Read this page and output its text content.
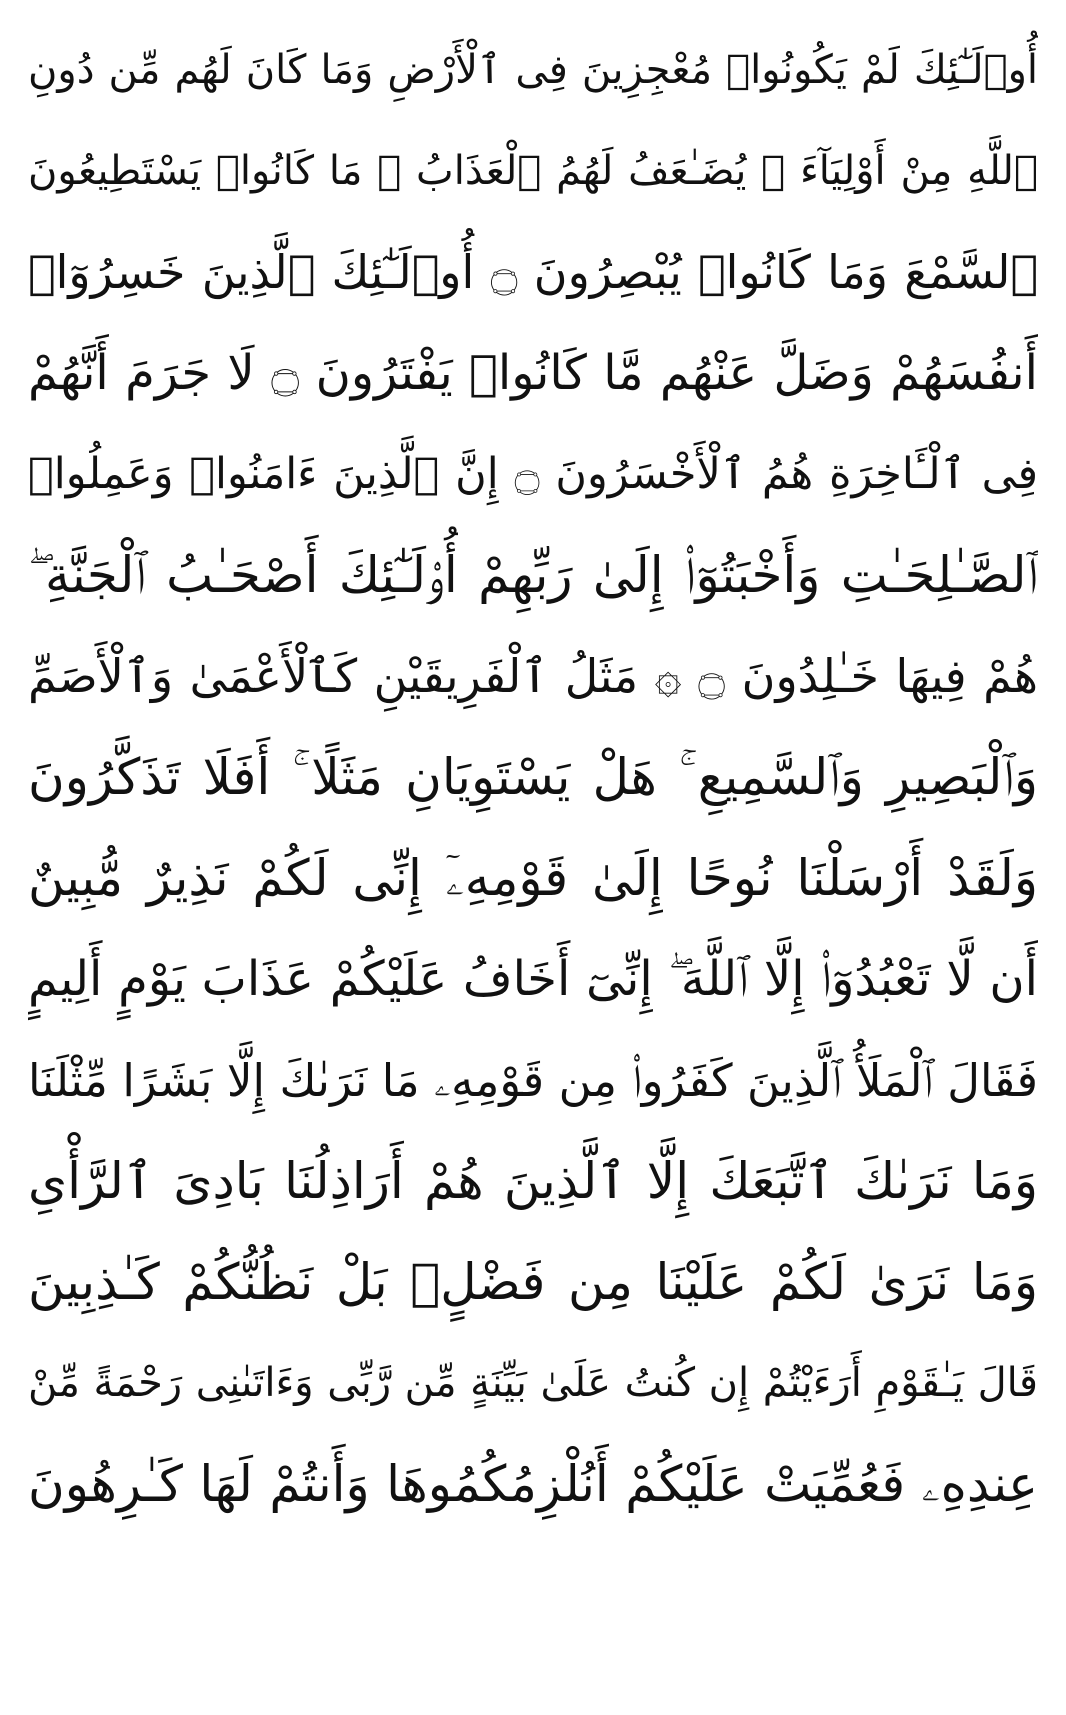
أُو۟لَـٰٓئِكَ لَمْ يَكُونُوا۟ مُعْجِزِينَ فِى ٱلْأَرْضِ وَمَا كَانَ لَهُم مِّن دُونِ
ٱللَّهِ مِنْ أَوْلِيَآءَ ۘ يُضَـٰعَفُ لَهُمُ ٱلْعَذَابُ ۚ مَا كَانُوا۟ يَسْتَطِيعُونَ
ٱلسَّمْعَ وَمَا كَانُوا۟ يُبْصِرُونَ ۝ أُو۟لَـٰٓئِكَ ٱلَّذِينَ خَسِرُوٓا۟
أَنفُسَهُمْ وَضَلَّ عَنْهُم مَّا كَانُوا۟ يَفْتَرُونَ ۝ لَا جَرَمَ أَنَّهُمْ
فِى ٱلْـَٔاخِرَةِ هُمُ ٱلْأَخْسَرُونَ ۝ إِنَّ ٱلَّذِينَ ءَامَنُوا۟ وَعَمِلُوا۟
ٱلصَّـٰلِحَـٰتِ وَأَخْبَتُوٓا۟ إِلَىٰ رَبِّهِمْ أُو۟لَـٰٓئِكَ أَصْحَـٰبُ ٱلْجَنَّةِ ۖ
هُمْ فِيهَا خَـٰلِدُونَ ۝ ۞ مَثَلُ ٱلْفَرِيقَيْنِ كَٱلْأَعْمَىٰ وَٱلْأَصَمِّ
وَٱلْبَصِيرِ وَٱلسَّمِيعِ ۚ هَلْ يَسْتَوِيَانِ مَثَلًا ۚ أَفَلَا تَذَكَّرُونَ
وَلَقَدْ أَرْسَلْنَا نُوحًا إِلَىٰ قَوْمِهِۦٓ إِنِّى لَكُمْ نَذِيرٌ مُّبِينٌ
أَن لَّا تَعْبُدُوٓا۟ إِلَّا ٱللَّهَ ۖ إِنِّىٓ أَخَافُ عَلَيْكُمْ عَذَابَ يَوْمٍ أَلِيمٍ
فَقَالَ ٱلْمَلَأُ ٱلَّذِينَ كَفَرُوا۟ مِن قَوْمِهِۦ مَا نَرَىٰكَ إِلَّا بَشَرًا مِّثْلَنَا
وَمَا نَرَىٰكَ ٱتَّبَعَكَ إِلَّا ٱلَّذِينَ هُمْ أَرَاذِلُنَا بَادِىَ ٱلرَّأْىِ
وَمَا نَرَىٰ لَكُمْ عَلَيْنَا مِن فَضْلٍۭ بَلْ نَظُنُّكُمْ كَـٰذِبِينَ
قَالَ يَـٰقَوْمِ أَرَءَيْتُمْ إِن كُنتُ عَلَىٰ بَيِّنَةٍ مِّن رَّبِّى وَءَاتَىٰنِى رَحْمَةً مِّنْ
عِندِهِۦ فَعُمِّيَتْ عَلَيْكُمْ أَنُلْزِمُكُمُوهَا وَأَنتُمْ لَهَا كَـٰرِهُونَ
